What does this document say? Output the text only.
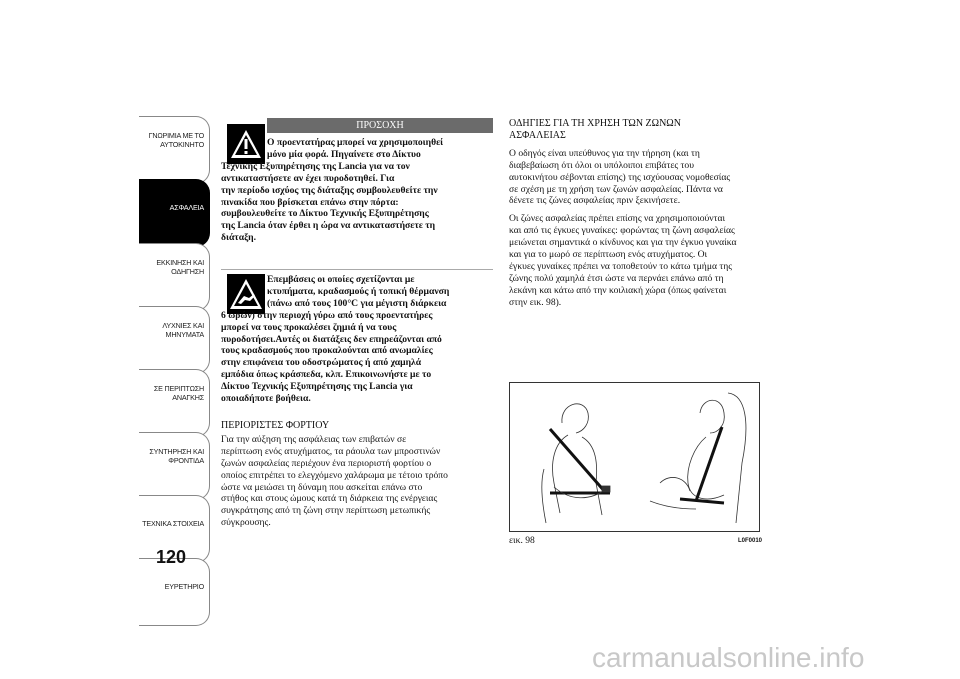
ΓΝΩΡΙΜΙΑ ΜΕ ΤΟ
ΑΥΤΟΚΙΝΗΤΟ

ΑΣΦΑΛΕΙΑ
ΕΚΚΙΝΗΣΗ ΚΑΙ
ΟΔΗΓΗΣΗ
ΛΥΧΝΙΕΣ ΚΑΙ
ΜΗΝΥΜΑΤΑ
ΣΕ ΠΕΡΙΠΤΩΣΗ
ΑΝΑΓΚΗΣ
ΣΥΝΤΗΡΗΣΗ ΚΑΙ
ΦΡΟΝΤΙΔΑ

ΤΕΧΝΙΚΑ ΣΤΟΙΧΕΙΑ

ΕΥΡΕΤΗΡΙΟ
120
ΠΡΟΣΟΧΗ

Ο προεντατήρας μπορεί να χρησιμοποιηθεί

μόνο μία φορά. Πηγαίνετε στο Δίκτυο

Τεχνικής Εξυπηρέτησης της Lancia για να τον

αντικαταστήσετε αν έχει πυροδοτηθεί. Για

την περίοδο ισχύος της διάταξης συμβουλευθείτε την

πινακίδα που βρίσκεται επάνω στην πόρτα:

συμβουλευθείτε το Δίκτυο Τεχνικής Εξυπηρέτησης

της Lancia όταν έρθει η ώρα να αντικαταστήσετε τη

διάταξη.

Επεμβάσεις οι οποίες σχετίζονται με

κτυπήματα, κραδασμούς ή τοπική θέρμανση

(πάνω από τους 100°C για μέγιστη διάρκεια

6 ωρών) στην περιοχή γύρω από τους προεντατήρες

μπορεί να τους προκαλέσει ζημιά ή να τους

πυροδοτήσει.Αυτές οι διατάξεις δεν επηρεάζονται από

τους κραδασμούς που προκαλούνται από ανωμαλίες

στην επιφάνεια του οδοστρώματος ή από χαμηλά

εμπόδια όπως κράσπεδα, κλπ. Επικοινωνήστε με το

Δίκτυο Τεχνικής Εξυπηρέτησης της Lancia για

οποιαδήποτε βοήθεια.

ΠΕΡΙΟΡΙΣΤΕΣ ΦΟΡΤΙΟΥ

Για την αύξηση της ασφάλειας των επιβατών σε

περίπτωση ενός ατυχήματος, τα ράουλα των μπροστινών

ζωνών ασφαλείας περιέχουν ένα περιοριστή φορτίου ο

οποίος επιτρέπει το ελεγχόμενο χαλάρωμα με τέτοιο τρόπο

ώστε να μειώσει τη δύναμη που ασκείται επάνω στο

στήθος και στους ώμους κατά τη διάρκεια της ενέργειας

συγκράτησης από τη ζώνη στην περίπτωση μετωπικής

σύγκρουσης.

ΟΔΗΓΙΕΣ ΓΙΑ ΤΗ ΧΡΗΣΗ ΤΩΝ ΖΩΝΩΝ
ΑΣΦΑΛΕΙΑΣ

Ο οδηγός είναι υπεύθυνος για την τήρηση (και τη

διαβεβαίωση ότι όλοι οι υπόλοιποι επιβάτες του

αυτοκινήτου σέβονται επίσης) της ισχύουσας νομοθεσίας

σε σχέση με τη χρήση των ζωνών ασφαλείας. Πάντα να

δένετε τις ζώνες ασφαλείας πριν ξεκινήσετε.

Οι ζώνες ασφαλείας πρέπει επίσης να χρησιμοποιούνται

και από τις έγκυες γυναίκες: φορώντας τη ζώνη ασφαλείας

μειώνεται σημαντικά ο κίνδυνος και για την έγκυο γυναίκα

και για το μωρό σε περίπτωση ενός ατυχήματος. Οι

έγκυες γυναίκες πρέπει να τοποθετούν το κάτω τμήμα της

ζώνης πολύ χαμηλά έτσι ώστε να περνάει επάνω από τη

λεκάνη και κάτω από την κοιλιακή χώρα (όπως φαίνεται

στην εικ. 98).

εικ. 98	L0F0010
carmanualsonline.info
